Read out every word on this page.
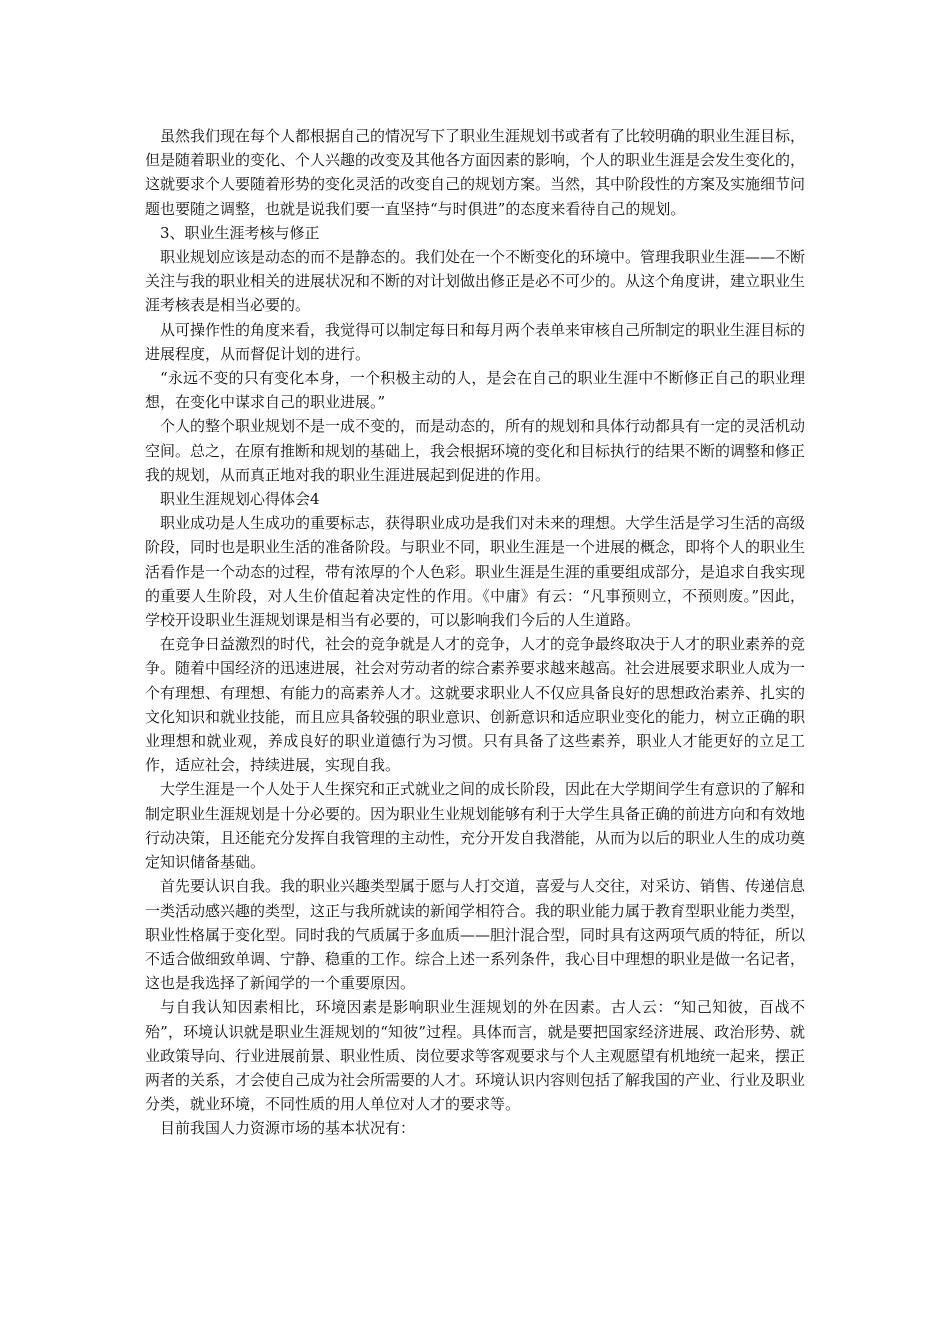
虽然我们现在每个人都根据自己的情况写下了职业生涯规划书或者有了比较明确的职业生涯目标，但是随着职业的变化、个人兴趣的改变及其他各方面因素的影响，个人的职业生涯是会发生变化的，这就要求个人要随着形势的变化灵活的改变自己的规划方案。当然，其中阶段性的方案及实施细节问题也要随之调整，也就是说我们要一直坚持“与时俱进”的态度来看待自己的规划。

3、职业生涯考核与修正

职业规划应该是动态的而不是静态的。我们处在一个不断变化的环境中。管理我职业生涯——不断关注与我的职业相关的进展状况和不断的对计划做出修正是必不可少的。从这个角度讲，建立职业生涯考核表是相当必要的。

从可操作性的角度来看，我觉得可以制定每日和每月两个表单来审核自己所制定的职业生涯目标的进展程度，从而督促计划的进行。

“永远不变的只有变化本身，一个积极主动的人，是会在自己的职业生涯中不断修正自己的职业理想，在变化中谋求自己的职业进展。”

个人的整个职业规划不是一成不变的，而是动态的，所有的规划和具体行动都具有一定的灵活机动空间。总之，在原有推断和规划的基础上，我会根据环境的变化和目标执行的结果不断的调整和修正我的规划，从而真正地对我的职业生涯进展起到促进的作用。

职业生涯规划心得体会4

职业成功是人生成功的重要标志，获得职业成功是我们对未来的理想。大学生活是学习生活的高级阶段，同时也是职业生活的准备阶段。与职业不同，职业生涯是一个进展的概念，即将个人的职业生活看作是一个动态的过程，带有浓厚的个人色彩。职业生涯是生涯的重要组成部分，是追求自我实现的重要人生阶段，对人生价值起着决定性的作用。《中庸》有云：“凡事预则立，不预则废。”因此，学校开设职业生涯规划课是相当有必要的，可以影响我们今后的人生道路。

在竞争日益激烈的时代，社会的竞争就是人才的竞争，人才的竞争最终取决于人才的职业素养的竞争。随着中国经济的迅速进展，社会对劳动者的综合素养要求越来越高。社会进展要求职业人成为一个有理想、有理想、有能力的高素养人才。这就要求职业人不仅应具备良好的思想政治素养、扎实的文化知识和就业技能，而且应具备较强的职业意识、创新意识和适应职业变化的能力，树立正确的职业理想和就业观，养成良好的职业道德行为习惯。只有具备了这些素养，职业人才能更好的立足工作，适应社会，持续进展，实现自我。

大学生涯是一个人处于人生探究和正式就业之间的成长阶段，因此在大学期间学生有意识的了解和制定职业生涯规划是十分必要的。因为职业生业规划能够有利于大学生具备正确的前进方向和有效地行动决策，且还能充分发挥自我管理的主动性，充分开发自我潜能，从而为以后的职业人生的成功奠定知识储备基础。

首先要认识自我。我的职业兴趣类型属于愿与人打交道，喜爱与人交往，对采访、销售、传递信息一类活动感兴趣的类型，这正与我所就读的新闻学相符合。我的职业能力属于教育型职业能力类型，职业性格属于变化型。同时我的气质属于多血质——胆汁混合型，同时具有这两项气质的特征，所以不适合做细致单调、宁静、稳重的工作。综合上述一系列条件，我心目中理想的职业是做一名记者，这也是我选择了新闻学的一个重要原因。

与自我认知因素相比，环境因素是影响职业生涯规划的外在因素。古人云：“知己知彼，百战不殆”，环境认识就是职业生涯规划的“知彼”过程。具体而言，就是要把国家经济进展、政治形势、就业政策导向、行业进展前景、职业性质、岗位要求等客观要求与个人主观愿望有机地统一起来，摆正两者的关系，才会使自己成为社会所需要的人才。环境认识内容则包括了解我国的产业、行业及职业分类，就业环境，不同性质的用人单位对人才的要求等。

目前我国人力资源市场的基本状况有：
